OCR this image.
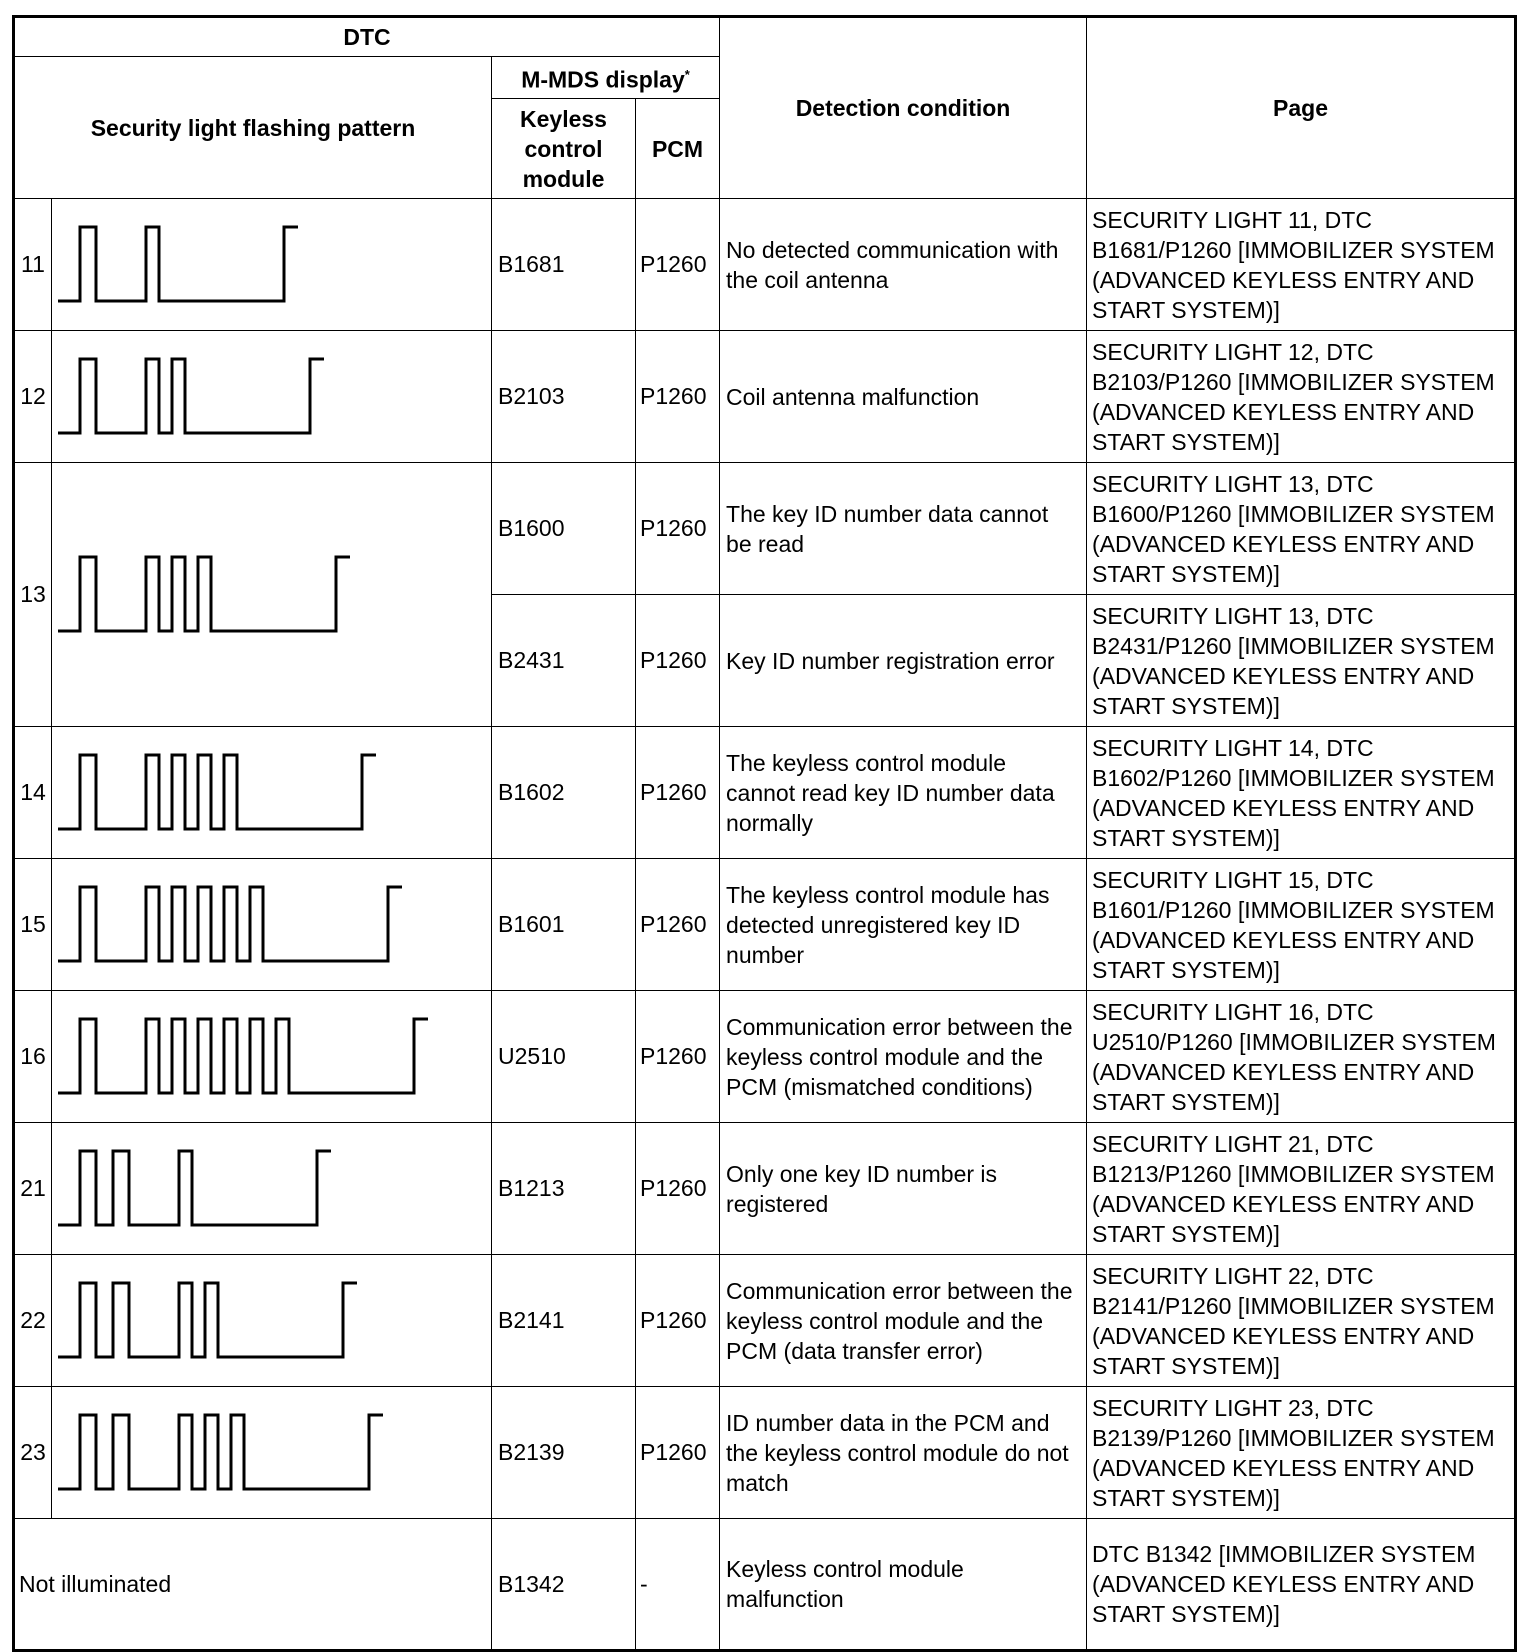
DTC				Detection condition	Page
Security light flashing pattern		M-MDS display*
		Keyless control module	PCM		
11		B1681	P1260	No detected communication with the coil antenna	SECURITY LIGHT 11, DTC B1681/P1260 [IMMOBILIZER SYSTEM (ADVANCED KEYLESS ENTRY AND START SYSTEM)]
12		B2103	P1260	Coil antenna malfunction	SECURITY LIGHT 12, DTC B2103/P1260 [IMMOBILIZER SYSTEM (ADVANCED KEYLESS ENTRY AND START SYSTEM)]
13		B1600	P1260	The key ID number data cannot be read	SECURITY LIGHT 13, DTC B1600/P1260 [IMMOBILIZER SYSTEM (ADVANCED KEYLESS ENTRY AND START SYSTEM)]
		B2431	P1260	Key ID number registration error	SECURITY LIGHT 13, DTC B2431/P1260 [IMMOBILIZER SYSTEM (ADVANCED KEYLESS ENTRY AND START SYSTEM)]
14		B1602	P1260	The keyless control module cannot read key ID number data normally	SECURITY LIGHT 14, DTC B1602/P1260 [IMMOBILIZER SYSTEM (ADVANCED KEYLESS ENTRY AND START SYSTEM)]
15		B1601	P1260	The keyless control module has detected unregistered key ID number	SECURITY LIGHT 15, DTC B1601/P1260 [IMMOBILIZER SYSTEM (ADVANCED KEYLESS ENTRY AND START SYSTEM)]
16		U2510	P1260	Communication error between the keyless control module and the PCM (mismatched conditions)	SECURITY LIGHT 16, DTC U2510/P1260 [IMMOBILIZER SYSTEM (ADVANCED KEYLESS ENTRY AND START SYSTEM)]
21		B1213	P1260	Only one key ID number is registered	SECURITY LIGHT 21, DTC B1213/P1260 [IMMOBILIZER SYSTEM (ADVANCED KEYLESS ENTRY AND START SYSTEM)]
22		B2141	P1260	Communication error between the keyless control module and the PCM (data transfer error)	SECURITY LIGHT 22, DTC B2141/P1260 [IMMOBILIZER SYSTEM (ADVANCED KEYLESS ENTRY AND START SYSTEM)]
23		B2139	P1260	ID number data in the PCM and the keyless control module do not match	SECURITY LIGHT 23, DTC B2139/P1260 [IMMOBILIZER SYSTEM (ADVANCED KEYLESS ENTRY AND START SYSTEM)]
Not illuminated		B1342	-	Keyless control module malfunction	DTC B1342 [IMMOBILIZER SYSTEM (ADVANCED KEYLESS ENTRY AND START SYSTEM)]
